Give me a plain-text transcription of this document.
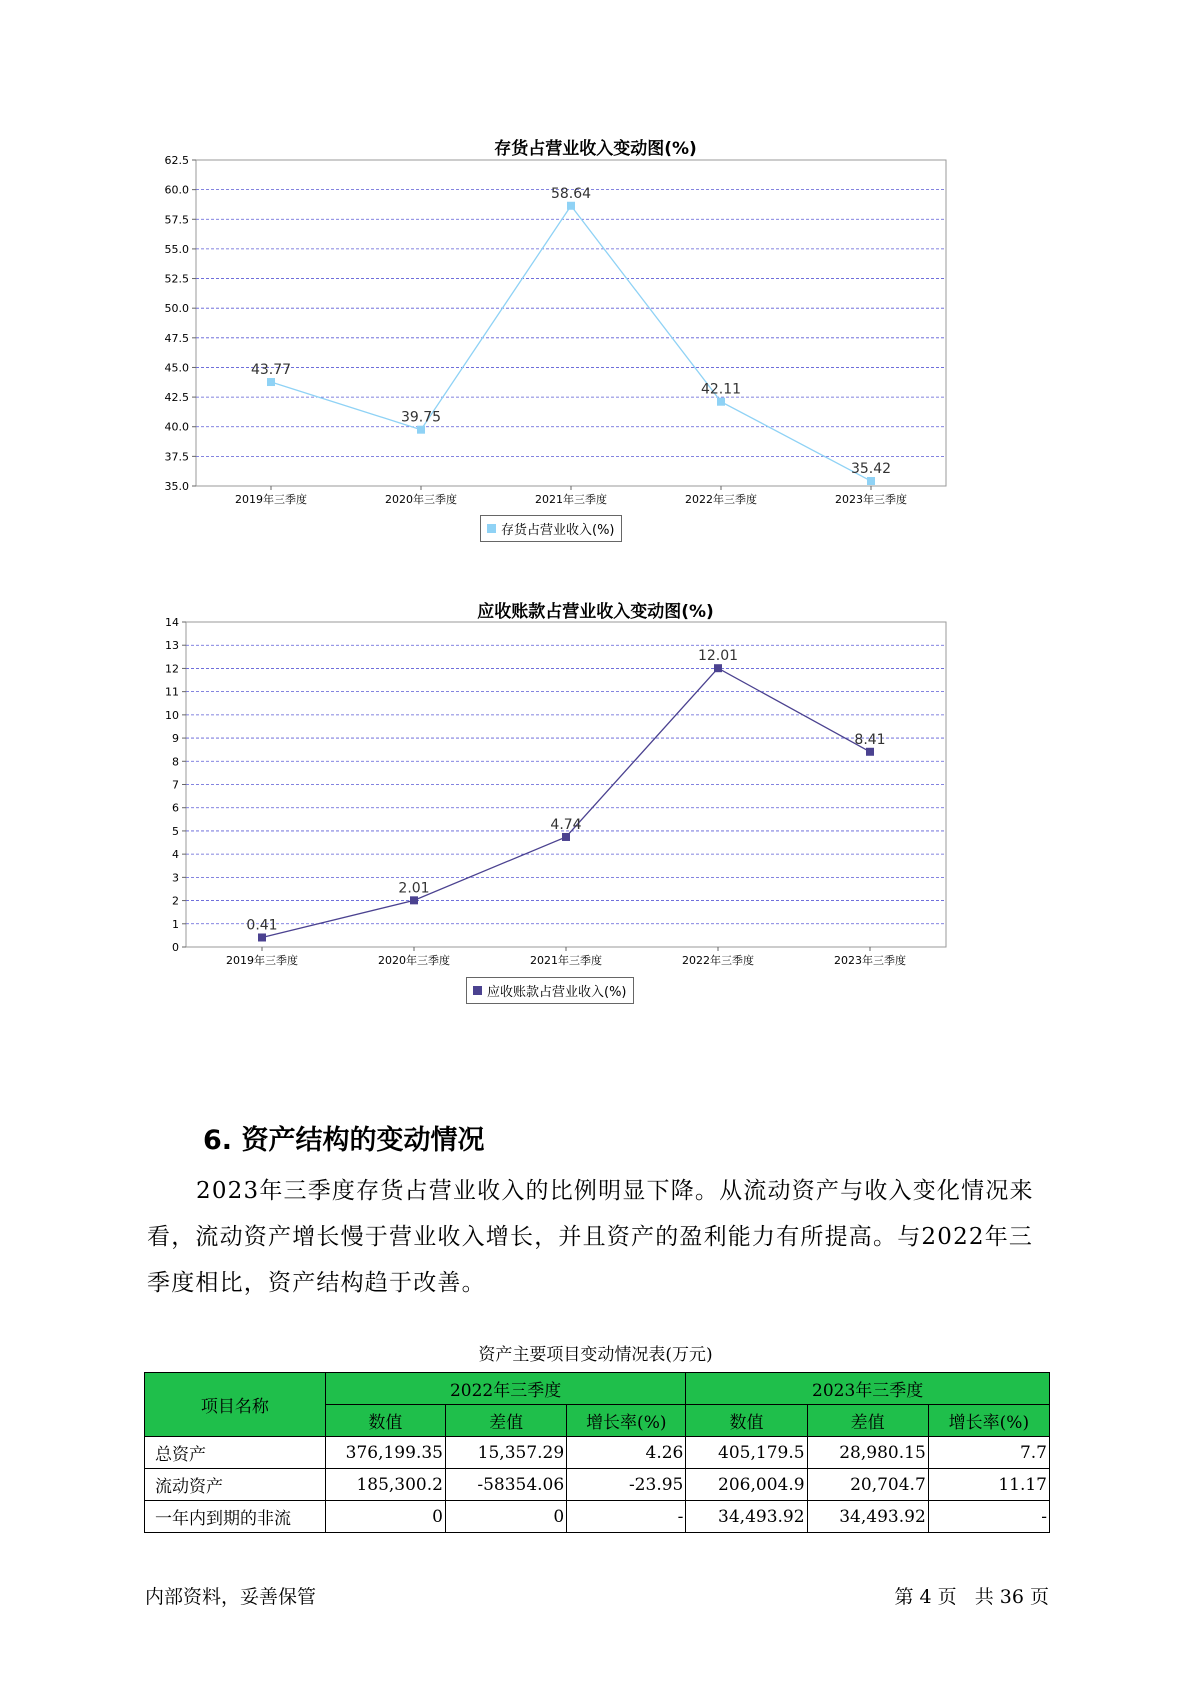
存货占营业收入变动图(%)
35.0
37.5
40.0
42.5
45.0
47.5
50.0
52.5
55.0
57.5
60.0
62.5
2019年三季度	2020年三季度	2021年三季度	2022年三季度	2023年三季度
43.77
39.75
58.64
42.11
35.42
存货占营业收入(%)
应收账款占营业收入变动图(%)
0
1
2
3
4
5
6
7
8
9
10
11
12
13
14
2019年三季度	2020年三季度	2021年三季度	2022年三季度	2023年三季度
0.41
2.01
4.74
12.01
8.41
应收账款占营业收入(%)
6. 资产结构的变动情况

2023年三季度存货占营业收入的比例明显下降。从流动资产与收入变化情况来看，流动资产增长慢于营业收入增长，并且资产的盈利能力有所提高。与2022年三季度相比，资产结构趋于改善。

资产主要项目变动情况表(万元)
项目名称	2022年三季度			2023年三季度		
	数值	差值	增长率(%)	数值	差值	增长率(%)
总资产	376,199.35	15,357.29	4.26	405,179.5	28,980.15	7.7
流动资产	185,300.2	-58354.06	-23.95	206,004.9	20,704.7	11.17
一年内到期的非流	0	0	-	34,493.92	34,493.92	-
内部资料，妥善保管	第 4 页   共 36 页
